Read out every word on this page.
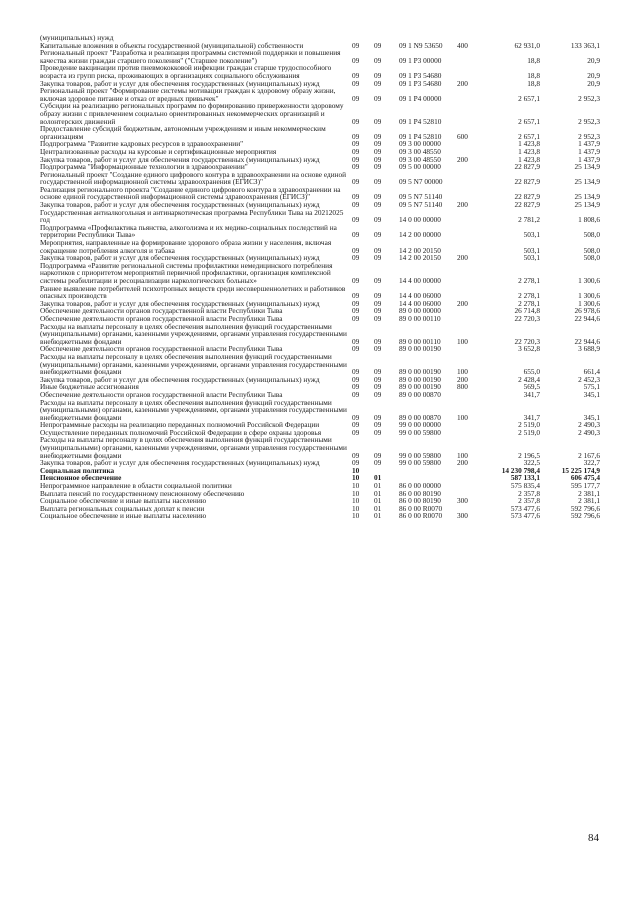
(муниципальных) нужд						
Капитальные вложения в объекты государственной (муниципальной) собственности	09	09	09 1 N9 53650	400	62 931,0	133 363,1
Региональный проект "Разработка и реализация программы системной поддержки и повышения качества жизни граждан старшего поколения" ("Старшее поколение")	09	09	09 1 P3 00000		18,8	20,9
Проведение вакцинации против пневмококковой инфекции граждан старше трудоспособного возраста из групп риска, проживающих в организациях социального обслуживания	09	09	09 1 P3 54680		18,8	20,9
Закупка товаров, работ и услуг для обеспечения государственных (муниципальных) нужд	09	09	09 1 P3 54680	200	18,8	20,9
Региональный проект "Формирование системы мотивации граждан к здоровому образу жизни, включая здоровое питание и отказ от вредных привычек"	09	09	09 1 P4 00000		2 657,1	2 952,3
Субсидии на реализацию региональных программ по формированию приверженности здоровому образу жизни с привлечением социально ориентированных некоммерческих организаций и волонтерских движений	09	09	09 1 P4 52810		2 657,1	2 952,3
Предоставление субсидий бюджетным, автономным учреждениям и иным некоммерческим организациям	09	09	09 1 P4 52810	600	2 657,1	2 952,3
Подпрограмма "Развитие кадровых ресурсов в здравоохранении"	09	09	09 3 00 00000		1 423,8	1 437,9
Централизованные расходы на курсовые и сертификационные мероприятия	09	09	09 3 00 48550		1 423,8	1 437,9
Закупка товаров, работ и услуг для обеспечения государственных (муниципальных) нужд	09	09	09 3 00 48550	200	1 423,8	1 437,9
Подпрограмма "Информационные технологии в здравоохранении"	09	09	09 5 00 00000		22 827,9	25 134,9
Региональный проект "Создание единого цифрового контура в здравоохранении на основе единой государственной информационной системы здравоохранения (ЕГИСЗ)"	09	09	09 5 N7 00000		22 827,9	25 134,9
Реализация регионального проекта "Создание единого цифрового контура в здравоохранении на основе единой государственной информационной системы здравоохранения (ЕГИСЗ)"	09	09	09 5 N7 51140		22 827,9	25 134,9
Закупка товаров, работ и услуг для обеспечения государственных (муниципальных) нужд	09	09	09 5 N7 51140	200	22 827,9	25 134,9
Государственная антиалкогольная и антинаркотическая программа Республики Тыва на 20212025 год	09	09	14 0 00 00000		2 781,2	1 808,6
Подпрограмма «Профилактика пьянства, алкоголизма и их медико-социальных последствий на территории Республики Тыва»	09	09	14 2 00 00000		503,1	508,0
Мероприятия, направленные на формирование здорового образа жизни у населения, включая сокращение потребления алкоголя и табака	09	09	14 2 00 20150		503,1	508,0
Закупка товаров, работ и услуг для обеспечения государственных (муниципальных) нужд	09	09	14 2 00 20150	200	503,1	508,0
Подпрограмма «Развитие региональной системы профилактики немедицинского потребления наркотиков с приоритетом мероприятий первичной профилактики, организация комплексной системы реабилитации и ресоциализации наркологических больных»	09	09	14 4 00 00000		2 278,1	1 300,6
Раннее выявление потребителей психотропных веществ среди несовершеннолетних и работников опасных производств	09	09	14 4 00 06000		2 278,1	1 300,6
Закупка товаров, работ и услуг для обеспечения государственных (муниципальных) нужд	09	09	14 4 00 06000	200	2 278,1	1 300,6
Обеспечение деятельности органов государственной власти Республики Тыва	09	09	89 0 00 00000		26 714,8	26 978,6
Обеспечение деятельности органов государственной власти Республики Тыва	09	09	89 0 00 00110		22 720,3	22 944,6
Расходы на выплаты персоналу в целях обеспечения выполнения функций государственными (муниципальными) органами, казенными учреждениями, органами управления государственными внебюджетными фондами	09	09	89 0 00 00110	100	22 720,3	22 944,6
Обеспечение деятельности органов государственной власти Республики Тыва	09	09	89 0 00 00190		3 652,8	3 688,9
Расходы на выплаты персоналу в целях обеспечения выполнения функций государственными (муниципальными) органами, казенными учреждениями, органами управления государственными внебюджетными фондами	09	09	89 0 00 00190	100	655,0	661,4
Закупка товаров, работ и услуг для обеспечения государственных (муниципальных) нужд	09	09	89 0 00 00190	200	2 428,4	2 452,3
Иные бюджетные ассигнования	09	09	89 0 00 00190	800	569,5	575,1
Обеспечение деятельности органов государственной власти Республики Тыва	09	09	89 0 00 00870		341,7	345,1
Расходы на выплаты персоналу в целях обеспечения выполнения функций государственными (муниципальными) органами, казенными учреждениями, органами управления государственными внебюджетными фондами	09	09	89 0 00 00870	100	341,7	345,1
Непрограммные расходы на реализацию переданных полномочий Российской Федерации	09	09	99 0 00 00000		2 519,0	2 490,3
Осуществление переданных полномочий Российской Федерации в сфере охраны здоровья	09	09	99 0 00 59800		2 519,0	2 490,3
Расходы на выплаты персоналу в целях обеспечения выполнения функций государственными (муниципальными) органами, казенными учреждениями, органами управления государственными внебюджетными фондами	09	09	99 0 00 59800	100	2 196,5	2 167,6
Закупка товаров, работ и услуг для обеспечения государственных (муниципальных) нужд	09	09	99 0 00 59800	200	322,5	322,7
Социальная политика	10				14 230 798,4	15 225 174,9
Пенсионное обеспечение	10	01			587 133,1	606 475,4
Непрограммное направление в области социальной политики	10	01	86 0 00 00000		575 835,4	595 177,7
Выплата пенсий по государственному пенсионному обеспечению	10	01	86 0 00 80190		2 357,8	2 381,1
Социальное обеспечение и иные выплаты населению	10	01	86 0 00 80190	300	2 357,8	2 381,1
Выплата региональных социальных доплат к пенсии	10	01	86 0 00 R0070		573 477,6	592 796,6
Социальное обеспечение и иные выплаты населению	10	01	86 0 00 R0070	300	573 477,6	592 796,6
84
